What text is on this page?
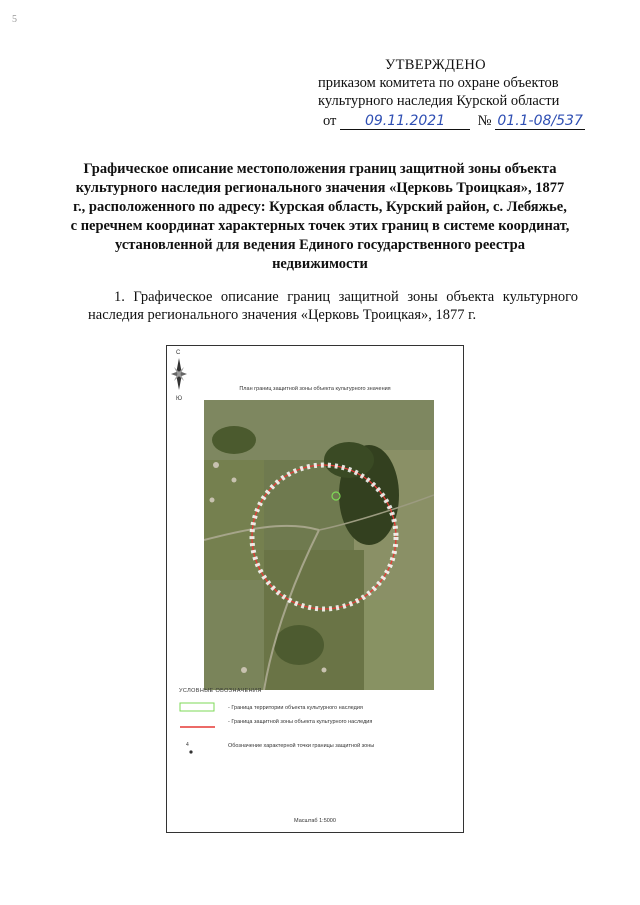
5
УТВЕРЖДЕНО
приказом комитета по охране объектов
культурного наследия Курской области
от 09.11.2021 № 01.1-08/537
Графическое описание местоположения границ защитной зоны объекта культурного наследия регионального значения «Церковь Троицкая», 1877 г., расположенного по адресу: Курская область, Курский район, с. Лебяжье, с перечнем координат характерных точек этих границ в системе координат, установленной для ведения Единого государственного реестра недвижимости
1. Графическое описание границ защитной зоны объекта культурного наследия регионального значения «Церковь Троицкая», 1877 г.
С
Ю
План границ защитной зоны объекта культурного значения
УСЛОВНЫЕ ОБОЗНАЧЕНИЯ
- Граница территории объекта культурного наследия
- Граница защитной зоны объекта культурного наследия
4	Обозначение характерной точки границы защитной зоны
Масштаб 1:5000
